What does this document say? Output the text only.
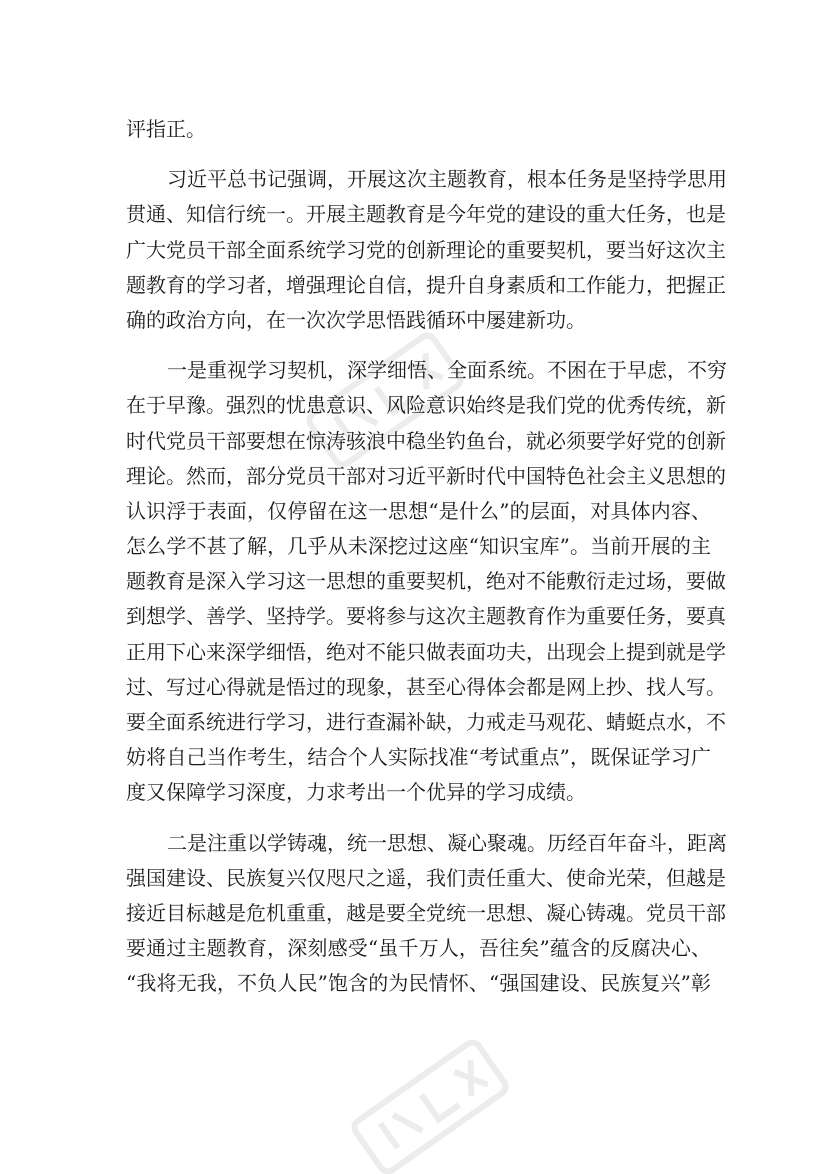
评指正。
习近平总书记强调，开展这次主题教育，根本任务是坚持学思用
贯通、知信行统一。开展主题教育是今年党的建设的重大任务，也是
广大党员干部全面系统学习党的创新理论的重要契机，要当好这次主
题教育的学习者，增强理论自信，提升自身素质和工作能力，把握正
确的政治方向，在一次次学思悟践循环中屡建新功。
一是重视学习契机，深学细悟、全面系统。不困在于早虑，不穷
在于早豫。强烈的忧患意识、风险意识始终是我们党的优秀传统，新
时代党员干部要想在惊涛骇浪中稳坐钓鱼台，就必须要学好党的创新
理论。然而，部分党员干部对习近平新时代中国特色社会主义思想的
认识浮于表面，仅停留在这一思想“是什么”的层面，对具体内容、
怎么学不甚了解，几乎从未深挖过这座“知识宝库”。当前开展的主
题教育是深入学习这一思想的重要契机，绝对不能敷衍走过场，要做
到想学、善学、坚持学。要将参与这次主题教育作为重要任务，要真
正用下心来深学细悟，绝对不能只做表面功夫，出现会上提到就是学
过、写过心得就是悟过的现象，甚至心得体会都是网上抄、找人写。
要全面系统进行学习，进行查漏补缺，力戒走马观花、蜻蜓点水，不
妨将自己当作考生，结合个人实际找准“考试重点”，既保证学习广
度又保障学习深度，力求考出一个优异的学习成绩。
二是注重以学铸魂，统一思想、凝心聚魂。历经百年奋斗，距离
强国建设、民族复兴仅咫尺之遥，我们责任重大、使命光荣，但越是
接近目标越是危机重重，越是要全党统一思想、凝心铸魂。党员干部
要通过主题教育，深刻感受“虽千万人，吾往矣”蕴含的反腐决心、
“我将无我，不负人民”饱含的为民情怀、“强国建设、民族复兴”彰
